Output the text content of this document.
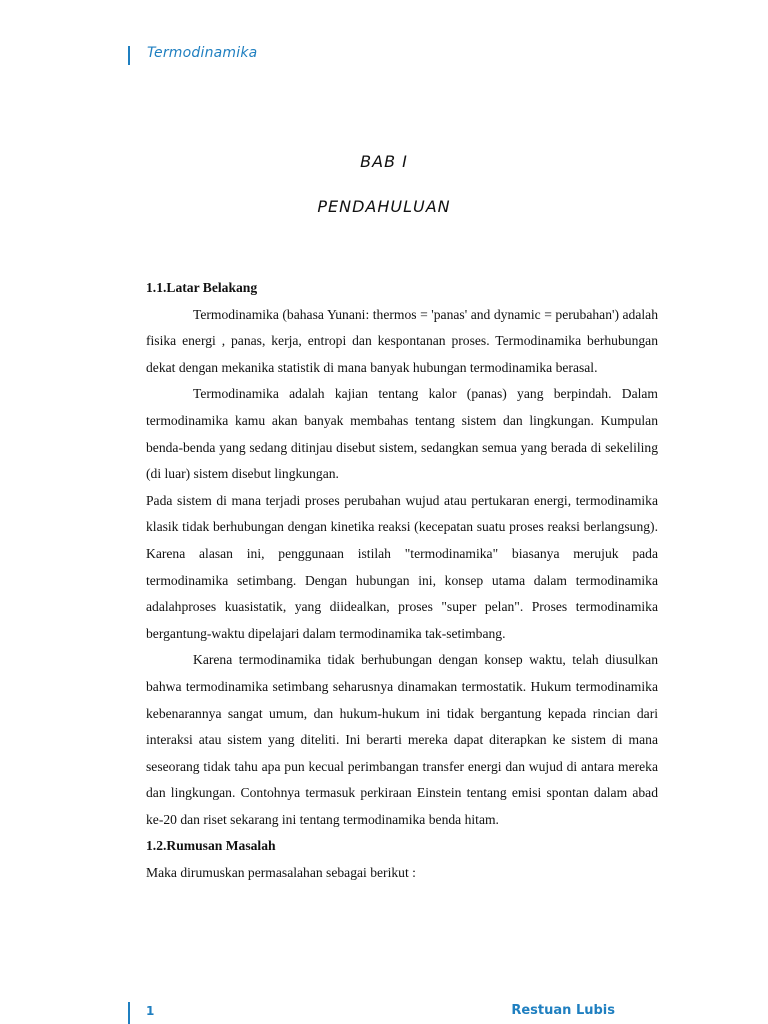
Termodinamika
BAB I
PENDAHULUAN

1.1.Latar Belakang

Termodinamika (bahasa Yunani: thermos = 'panas' and dynamic = perubahan') adalah fisika energi , panas, kerja, entropi dan kespontanan proses. Termodinamika berhubungan dekat dengan mekanika statistik di mana banyak hubungan termodinamika berasal.

Termodinamika adalah kajian tentang kalor (panas) yang berpindah. Dalam termodinamika kamu akan banyak membahas tentang sistem dan lingkungan. Kumpulan benda-benda yang sedang ditinjau disebut sistem, sedangkan semua yang berada di sekeliling (di luar) sistem disebut lingkungan.

Pada sistem di mana terjadi proses perubahan wujud atau pertukaran energi, termodinamika klasik tidak berhubungan dengan kinetika reaksi (kecepatan suatu proses reaksi berlangsung). Karena alasan ini, penggunaan istilah "termodinamika" biasanya merujuk pada termodinamika setimbang. Dengan hubungan ini, konsep utama dalam termodinamika adalahproses kuasistatik, yang diidealkan, proses "super pelan". Proses termodinamika bergantung-waktu dipelajari dalam termodinamika tak-setimbang.

Karena termodinamika tidak berhubungan dengan konsep waktu, telah diusulkan bahwa termodinamika setimbang seharusnya dinamakan termostatik. Hukum termodinamika kebenarannya sangat umum, dan hukum-hukum ini tidak bergantung kepada rincian dari interaksi atau sistem yang diteliti. Ini berarti mereka dapat diterapkan ke sistem di mana seseorang tidak tahu apa pun kecual perimbangan transfer energi dan wujud di antara mereka dan lingkungan. Contohnya termasuk perkiraan Einstein tentang emisi spontan dalam abad ke-20 dan riset sekarang ini tentang termodinamika benda hitam.

1.2.Rumusan Masalah

Maka dirumuskan permasalahan sebagai berikut :

1	Restuan Lubis
